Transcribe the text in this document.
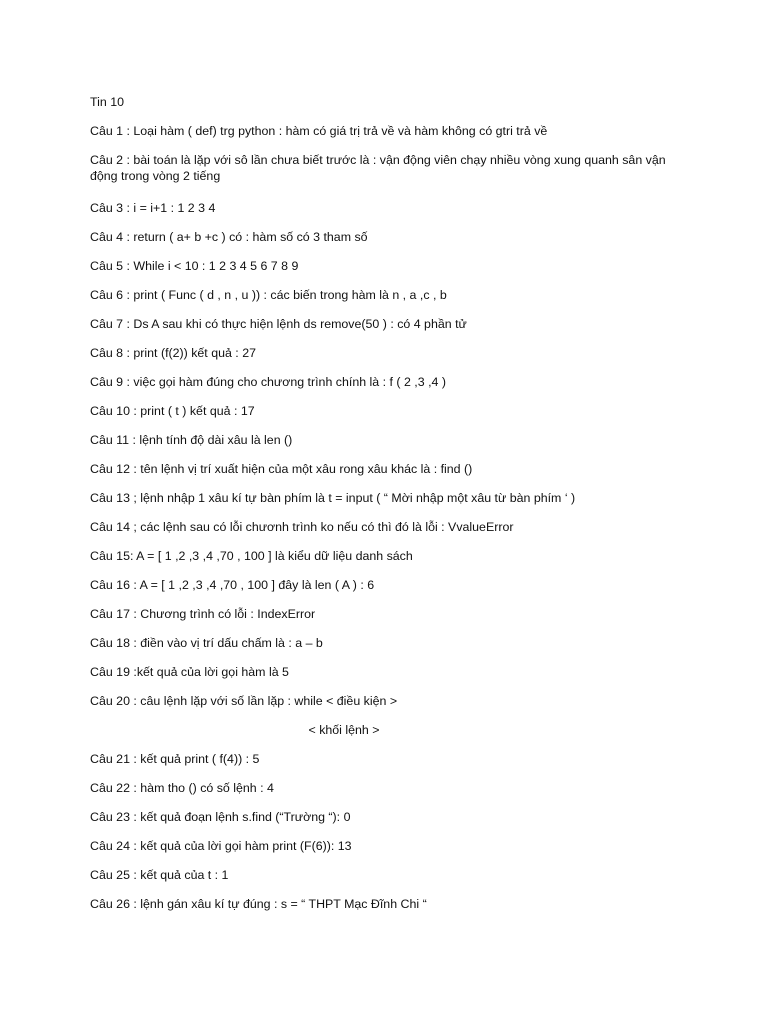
Tin 10
Câu 1 : Loại hàm ( def) trg python : hàm có giá trị trả về và hàm không có gtri trả về
Câu 2 : bài toán là lặp với sô lần chưa biết trước là : vận động viên chạy nhiều vòng xung quanh sân vận động trong vòng 2 tiếng
Câu 3 : i = i+1 : 1 2 3 4
Câu 4 : return ( a+ b +c ) có : hàm số có 3 tham số
Câu 5 : While i < 10 : 1 2 3 4 5 6 7 8 9
Câu 6 : print ( Func ( d , n , u )) : các biến trong hàm là n , a ,c , b
Câu 7 : Ds A sau khi có thực hiện lệnh ds remove(50 ) : có 4 phần tử
Câu 8 : print (f(2)) kết quả : 27
Câu 9 : việc gọi hàm đúng cho chương trình chính là : f ( 2 ,3 ,4 )
Câu 10 : print ( t ) kết quả : 17
Câu 11 : lệnh tính độ dài xâu là len ()
Câu 12 : tên lệnh vị trí xuất hiện của một xâu rong xâu khác là : find ()
Câu 13 ; lệnh nhập 1 xâu kí tự bàn phím là t = input ( “ Mời nhập một xâu từ bàn phím ‘ )
Câu 14 ; các lệnh sau có lỗi chươnh trình ko nếu có thì đó là lỗi : VvalueError
Câu 15: A = [ 1 ,2 ,3 ,4 ,70 , 100 ] là kiểu dữ liệu danh sách
Câu 16 : A = [ 1 ,2 ,3 ,4 ,70 , 100 ] đây là len ( A ) : 6
Câu 17 : Chương trình có lỗi : IndexError
Câu 18 : điền vào vị trí dấu chấm là : a – b
Câu 19 :kết quả của lời gọi hàm là 5
Câu 20 : câu lệnh lặp với số lần lặp : while < điều kiện >
< khối lệnh >
Câu 21 : kết quả print ( f(4)) : 5
Câu 22 : hàm tho () có số lệnh : 4
Câu 23 : kết quả đoạn lệnh s.find (“Trường “): 0
Câu 24 : kết quả của lời gọi hàm print (F(6)): 13
Câu 25 : kết quả của t : 1
Câu 26 : lệnh gán xâu kí tự đúng : s = “ THPT Mạc Đĩnh Chi “
